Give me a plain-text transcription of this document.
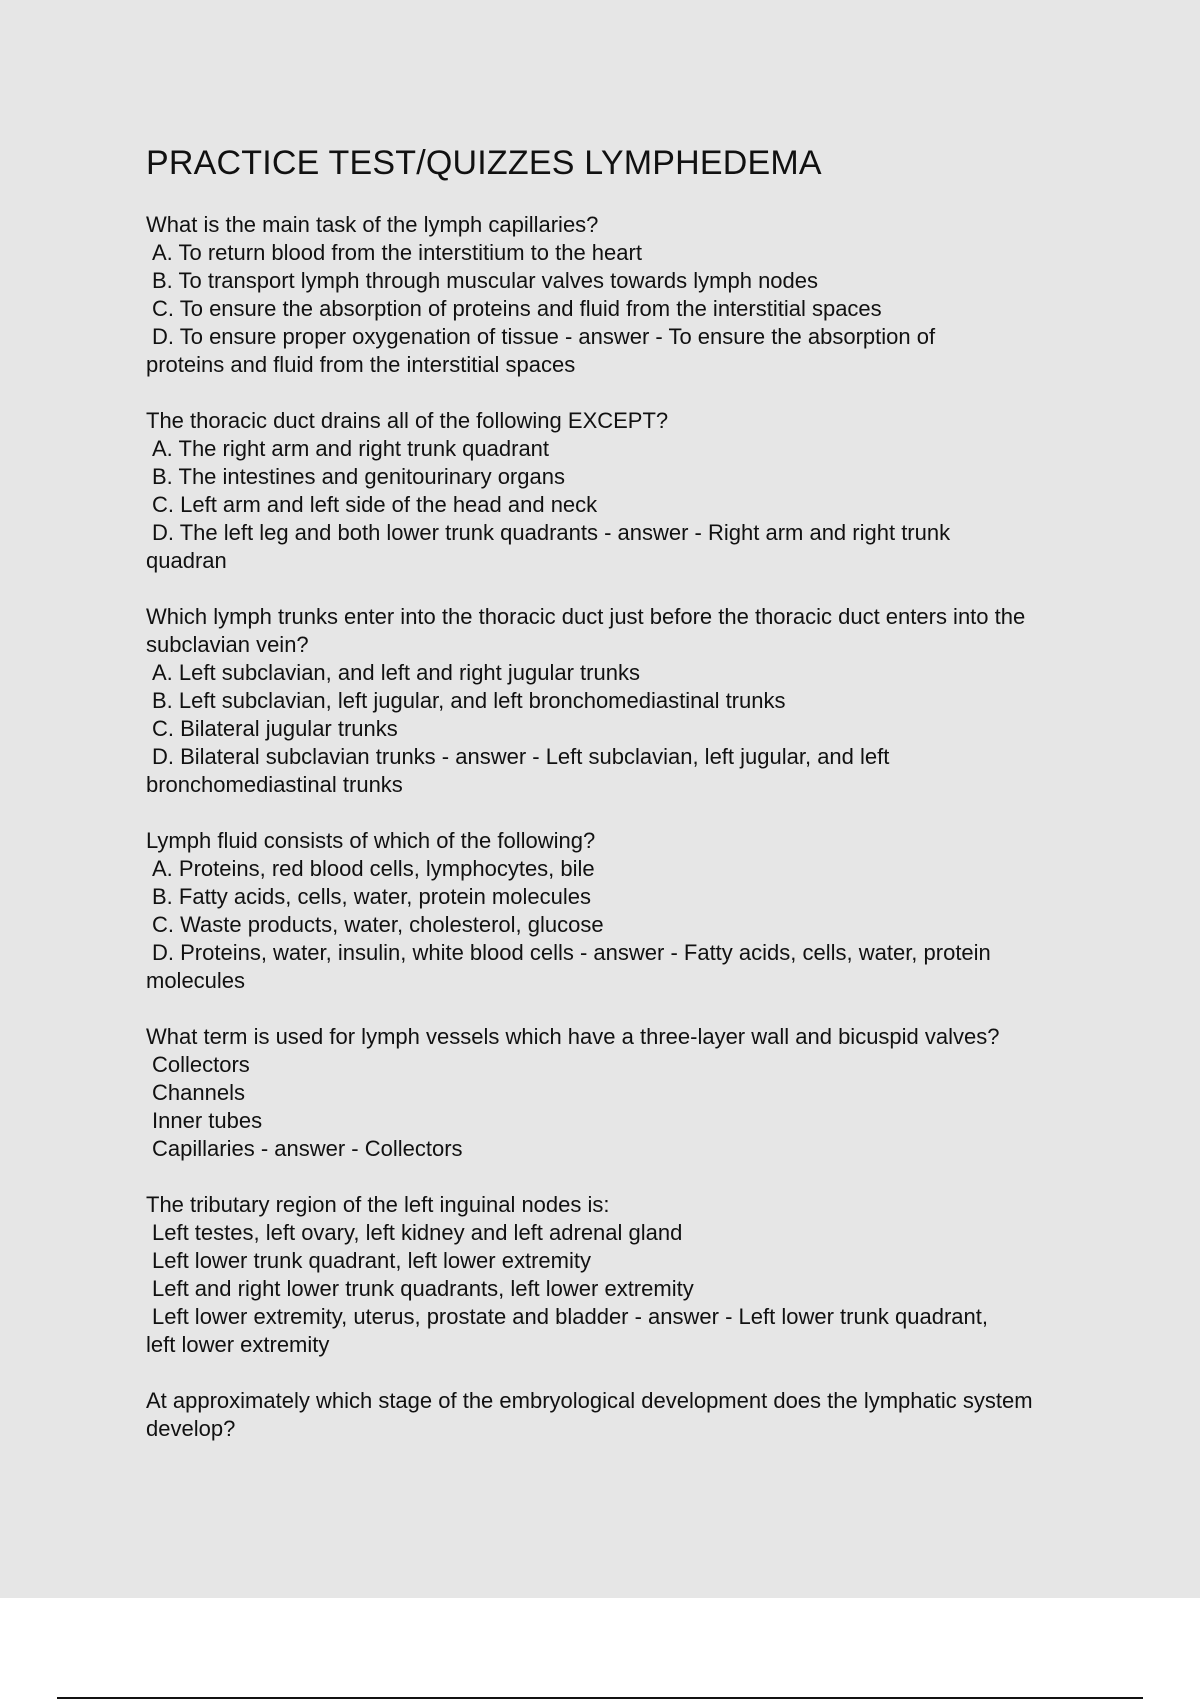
PRACTICE TEST/QUIZZES LYMPHEDEMA

What is the main task of the lymph capillaries?

A. To return blood from the interstitium to the heart

B. To transport lymph through muscular valves towards lymph nodes

C. To ensure the absorption of proteins and fluid from the interstitial spaces

D. To ensure proper oxygenation of tissue - answer - To ensure the absorption of

proteins and fluid from the interstitial spaces

The thoracic duct drains all of the following EXCEPT?

A. The right arm and right trunk quadrant

B. The intestines and genitourinary organs

C. Left arm and left side of the head and neck

D. The left leg and both lower trunk quadrants - answer - Right arm and right trunk

quadran

Which lymph trunks enter into the thoracic duct just before the thoracic duct enters into the subclavian vein?

A. Left subclavian, and left and right jugular trunks

B. Left subclavian, left jugular, and left bronchomediastinal trunks

C. Bilateral jugular trunks

D. Bilateral subclavian trunks - answer - Left subclavian, left jugular, and left

bronchomediastinal trunks

Lymph fluid consists of which of the following?

A. Proteins, red blood cells, lymphocytes, bile

B. Fatty acids, cells, water, protein molecules

C. Waste products, water, cholesterol, glucose

D. Proteins, water, insulin, white blood cells - answer - Fatty acids, cells, water, protein

molecules

What term is used for lymph vessels which have a three-layer wall and bicuspid valves?

Collectors

Channels

Inner tubes

Capillaries - answer - Collectors

The tributary region of the left inguinal nodes is:

Left testes, left ovary, left kidney and left adrenal gland

Left lower trunk quadrant, left lower extremity

Left and right lower trunk quadrants, left lower extremity

Left lower extremity, uterus, prostate and bladder - answer - Left lower trunk quadrant,

left lower extremity

At approximately which stage of the embryological development does the lymphatic system develop?
